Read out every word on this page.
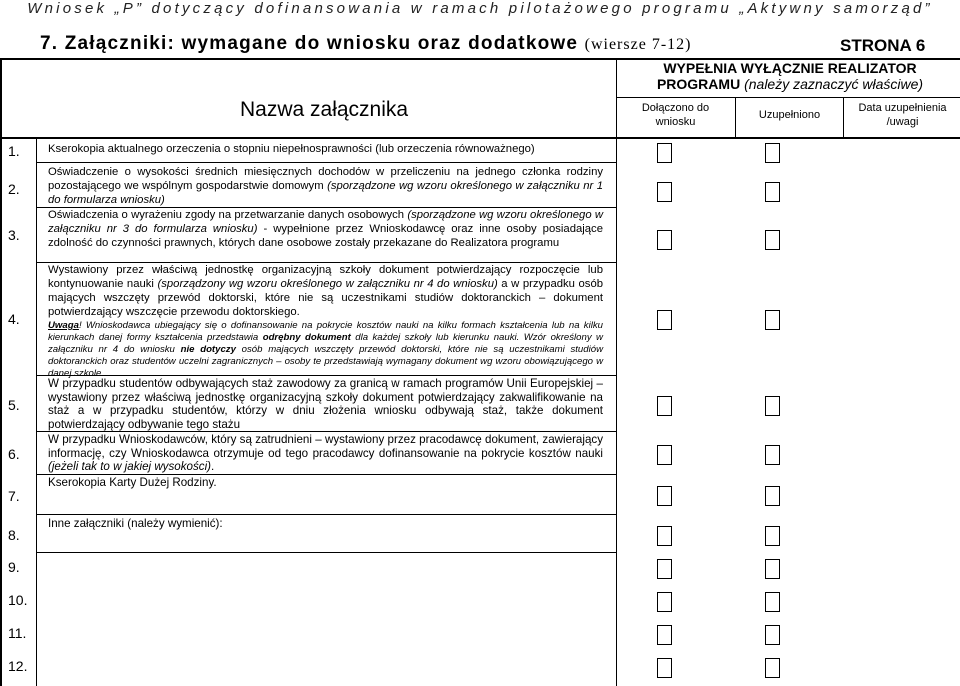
Wniosek „P” dotyczący dofinansowania w ramach pilotażowego programu „Aktywny samorząd”
7. Załączniki: wymagane do wniosku oraz dodatkowe (wiersze 7-12)	STRONA 6
WYPEŁNIA WYŁĄCZNIE REALIZATOR
PROGRAMU (należy zaznaczyć właściwe)
Nazwa załącznika	Dołączono do
wniosku
Uzupełniono
Data uzupełnienia
/uwagi
1.
2.
3.
4.
5.
6.
7.
8.
9.
10.
11.
12.
Kserokopia aktualnego orzeczenia o stopniu niepełnosprawności (lub orzeczenia równoważnego)
Oświadczenie o wysokości średnich miesięcznych dochodów w przeliczeniu na jednego członka rodziny pozostającego we wspólnym gospodarstwie domowym (sporządzone wg wzoru określonego w załączniku nr 1 do formularza wniosku)
Oświadczenia o wyrażeniu zgody na przetwarzanie danych osobowych (sporządzone wg wzoru określonego w załączniku nr 3 do formularza wniosku) - wypełnione przez Wnioskodawcę oraz inne osoby posiadające zdolność do czynności prawnych, których dane osobowe zostały przekazane do Realizatora programu
Wystawiony przez właściwą jednostkę organizacyjną szkoły dokument potwierdzający rozpoczęcie lub kontynuowanie nauki (sporządzony wg wzoru określonego w załączniku nr 4 do wniosku) a w przypadku osób mających wszczęty przewód doktorski, które nie są uczestnikami studiów doktoranckich – dokument potwierdzający wszczęcie przewodu doktorskiego.
Uwaga! Wnioskodawca ubiegający się o dofinansowanie na pokrycie kosztów nauki na kilku formach kształcenia lub na kilku kierunkach danej formy kształcenia przedstawia odrębny dokument dla każdej szkoły lub kierunku nauki. Wzór określony w załączniku nr 4 do wniosku nie dotyczy osób mających wszczęty przewód doktorski, które nie są uczestnikami studiów doktoranckich oraz studentów uczelni zagranicznych – osoby te przedstawiają wymagany dokument wg wzoru obowiązującego w danej szkole.
W przypadku studentów odbywających staż zawodowy za granicą w ramach programów Unii Europejskiej – wystawiony przez właściwą jednostkę organizacyjną szkoły dokument potwierdzający zakwalifikowanie na staż a w przypadku studentów, którzy w dniu złożenia wniosku odbywają staż, także dokument potwierdzający odbywanie tego stażu
W przypadku Wnioskodawców, który są zatrudnieni – wystawiony przez pracodawcę dokument, zawierający informację, czy Wnioskodawca otrzymuje od tego pracodawcy dofinansowanie na pokrycie kosztów nauki (jeżeli tak to w jakiej wysokości).
Kserokopia Karty Dużej Rodziny.
Inne załączniki (należy wymienić):
